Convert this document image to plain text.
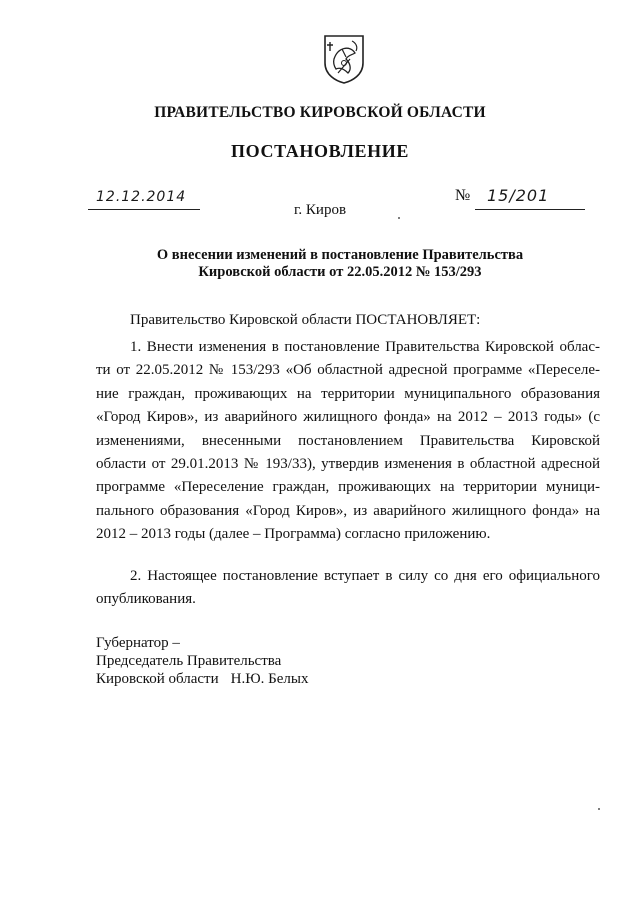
ПРАВИТЕЛЬСТВО КИРОВСКОЙ ОБЛАСТИ
ПОСТАНОВЛЕНИЕ
12.12.2014	№ 15/201
г. Киров
О внесении изменений в постановление Правительства
Кировской области от 22.05.2012 № 153/293
Правительство Кировской области ПОСТАНОВЛЯЕТ:
1. Внести изменения в постановление Правительства Кировской облас-
ти от 22.05.2012 № 153/293 «Об областной адресной программе «Переселе-
ние граждан, проживающих на территории муниципального образования
«Город Киров», из аварийного жилищного фонда» на 2012 – 2013 годы» (с
изменениями, внесенными постановлением Правительства Кировской
области от 29.01.2013 № 193/33), утвердив изменения в областной адресной
программе «Переселение граждан, проживающих на территории муници-
пального образования «Город Киров», из аварийного жилищного фонда» на
2012 – 2013 годы (далее – Программа) согласно приложению.
2. Настоящее постановление вступает в силу со дня его официального
опубликования.
Губернатор –
Председатель Правительства
Кировской области Н.Ю. Белых
